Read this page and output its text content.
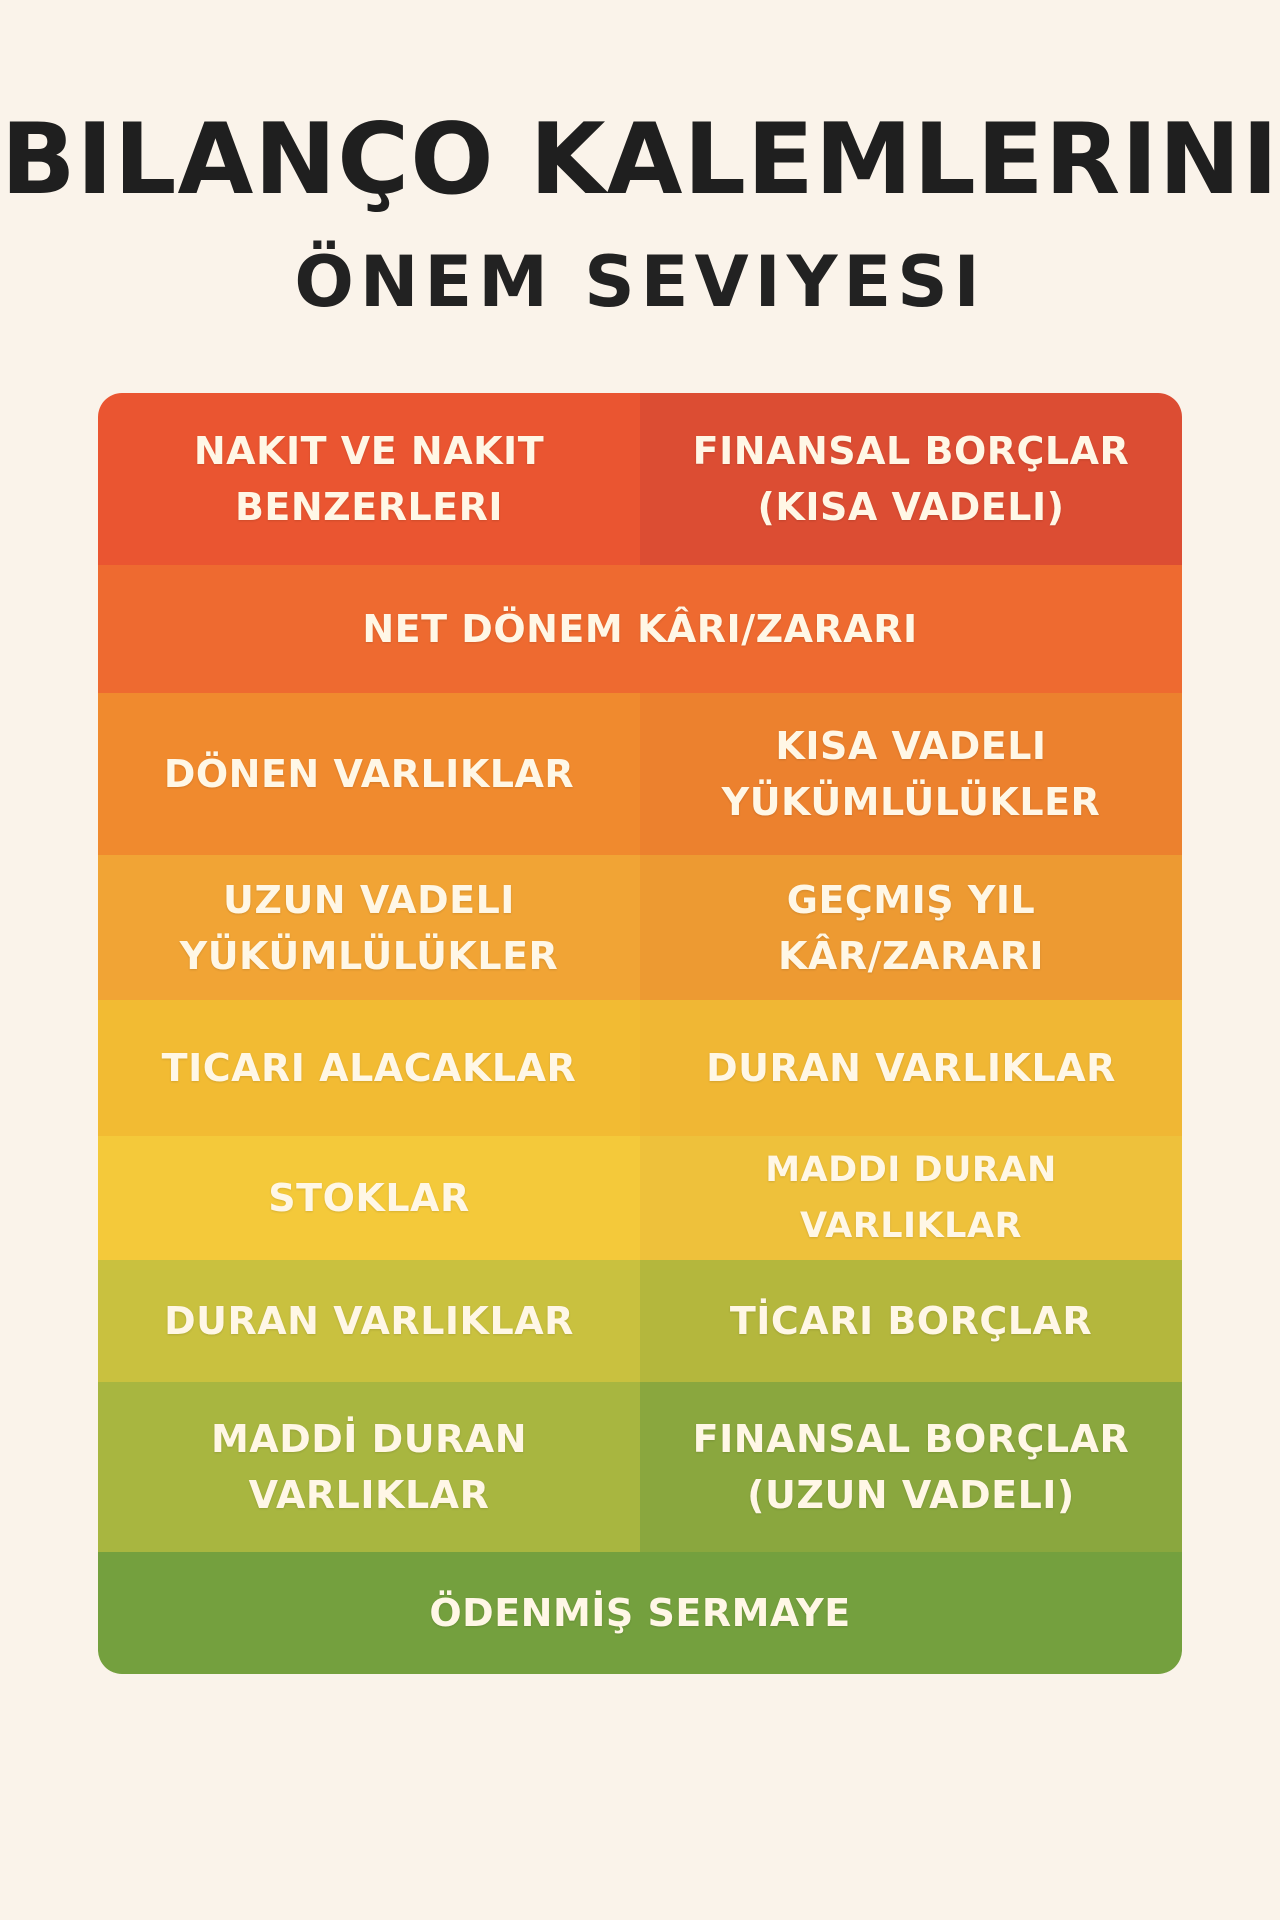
BILANÇO KALEMLERINI
ÖNEM SEVIYESI
NAKIT VE NAKIT
BENZERLERI
FINANSAL BORÇLAR
(KISA VADELI)
NET DÖNEM KÂRI/ZARARI
DÖNEN VARLIKLAR
KISA VADELI
YÜKÜMLÜLÜKLER
UZUN VADELI
YÜKÜMLÜLÜKLER
GEÇMIŞ YIL
KÂR/ZARARI
TICARI ALACAKLAR	DURAN VARLIKLAR
STOKLAR
MADDI DURAN VARLIKLAR
DURAN VARLIKLAR	TİCARI BORÇLAR
MADDİ DURAN
VARLIKLAR
FINANSAL BORÇLAR
(UZUN VADELI)
ÖDENMİŞ SERMAYE
